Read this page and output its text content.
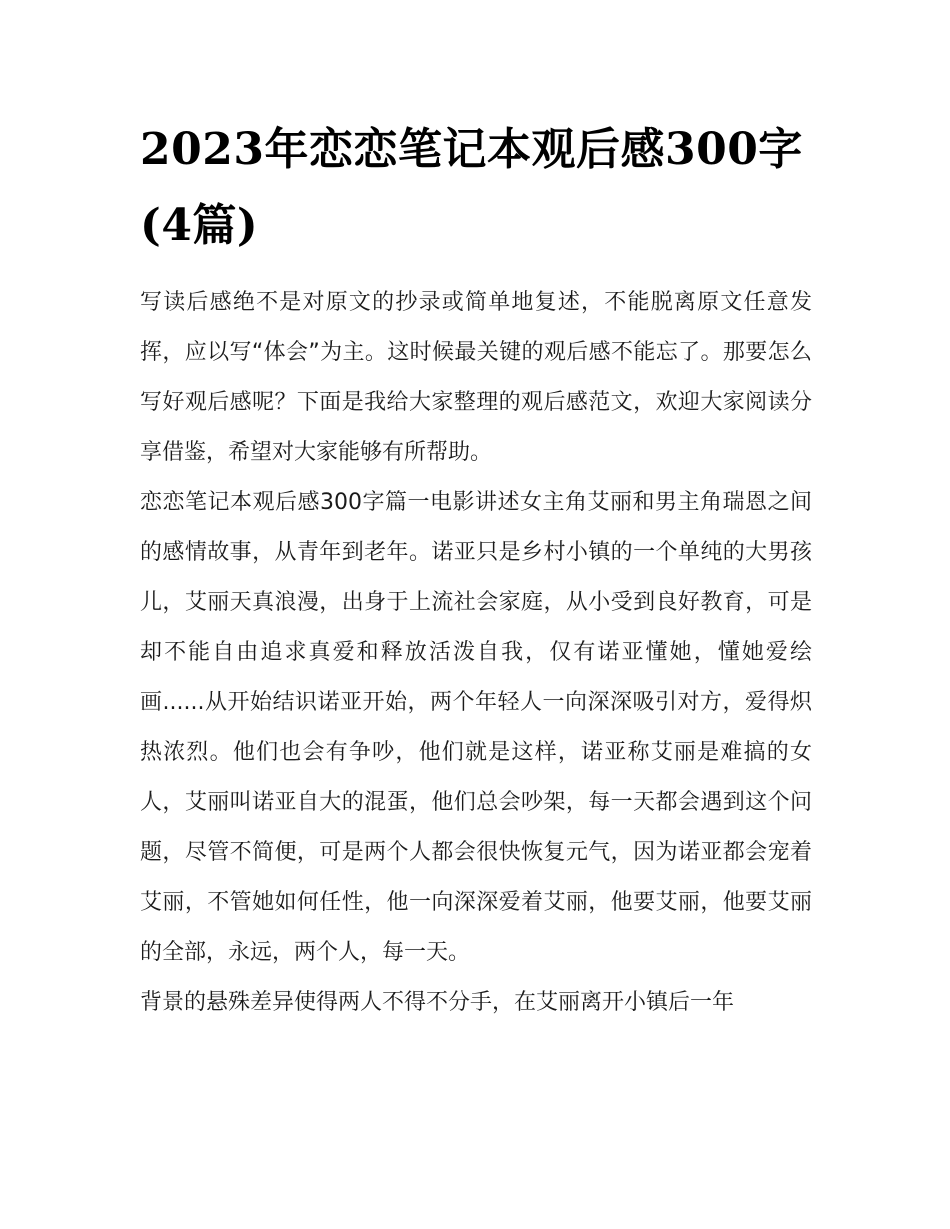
2023年恋恋笔记本观后感300字(4篇)

写读后感绝不是对原文的抄录或简单地复述，不能脱离原文任意发挥，应以写“体会”为主。这时候最关键的观后感不能忘了。那要怎么写好观后感呢？下面是我给大家整理的观后感范文，欢迎大家阅读分享借鉴，希望对大家能够有所帮助。

恋恋笔记本观后感300字篇一电影讲述女主角艾丽和男主角瑞恩之间的感情故事，从青年到老年。诺亚只是乡村小镇的一个单纯的大男孩儿，艾丽天真浪漫，出身于上流社会家庭，从小受到良好教育，可是却不能自由追求真爱和释放活泼自我，仅有诺亚懂她，懂她爱绘画......从开始结识诺亚开始，两个年轻人一向深深吸引对方，爱得炽热浓烈。他们也会有争吵，他们就是这样，诺亚称艾丽是难搞的女人，艾丽叫诺亚自大的混蛋，他们总会吵架，每一天都会遇到这个问题，尽管不简便，可是两个人都会很快恢复元气，因为诺亚都会宠着艾丽，不管她如何任性，他一向深深爱着艾丽，他要艾丽，他要艾丽的全部，永远，两个人，每一天。

背景的悬殊差异使得两人不得不分手，在艾丽离开小镇后一年
